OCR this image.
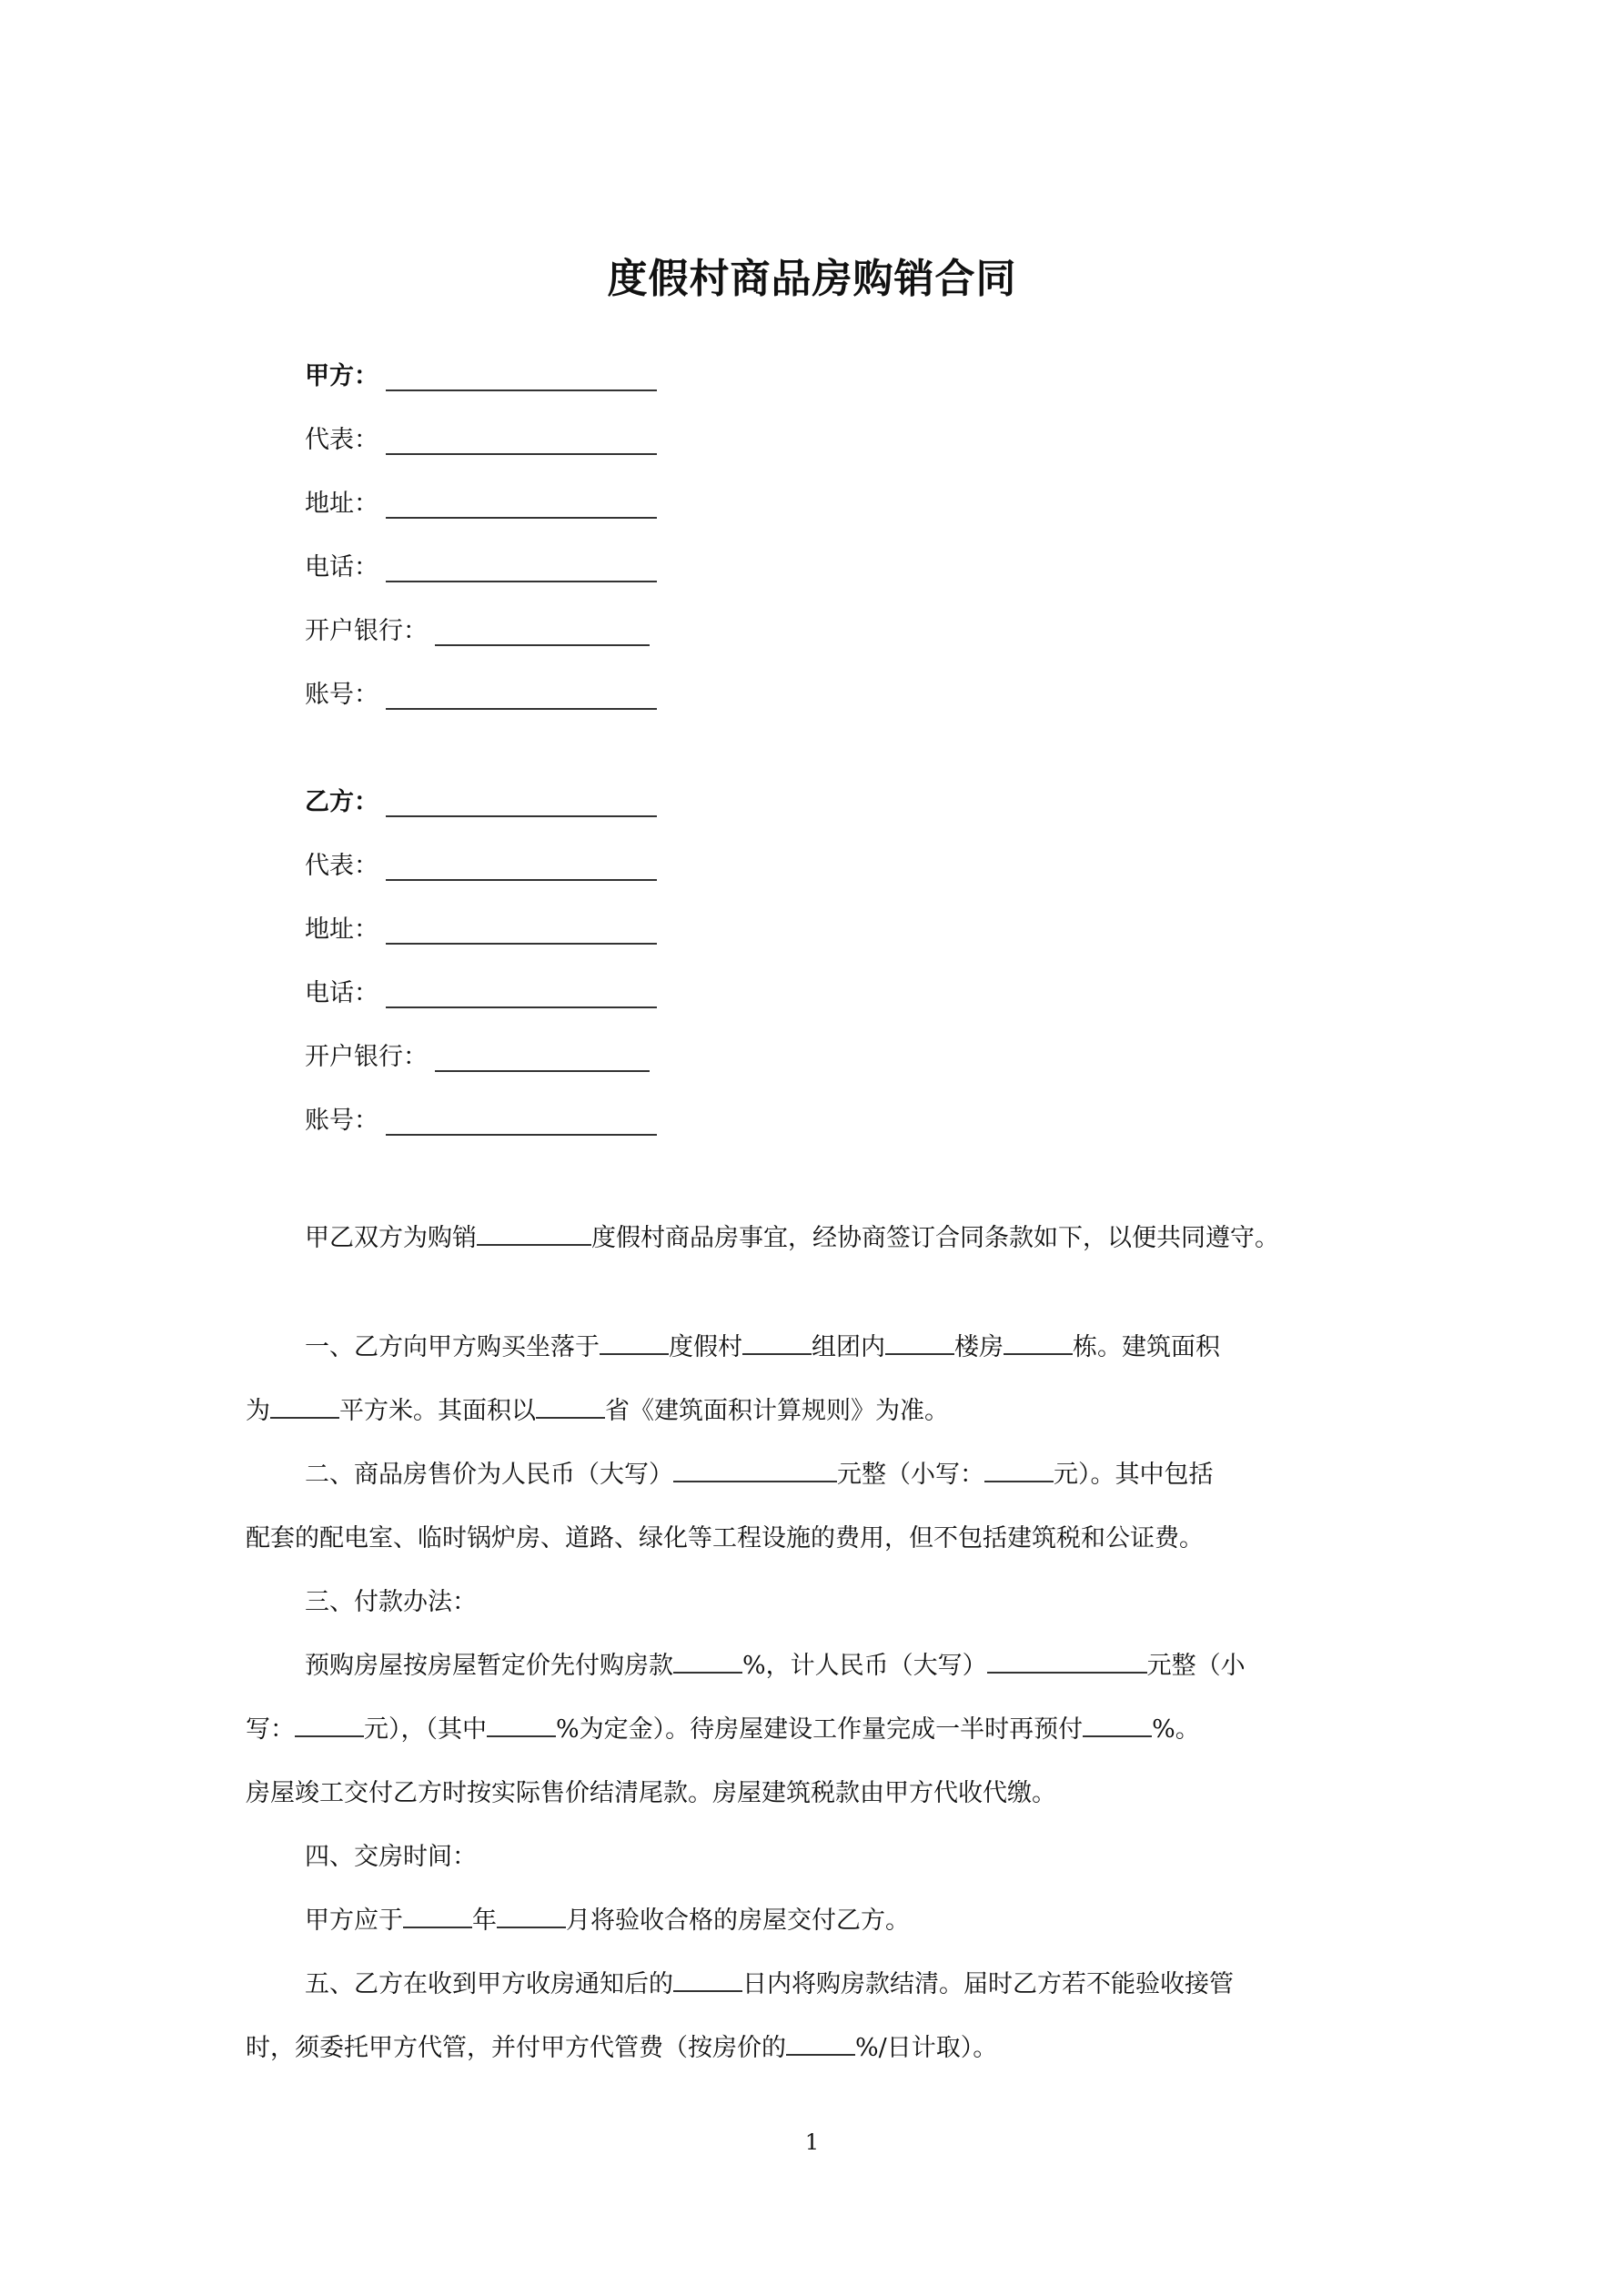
度假村商品房购销合同
甲方：
代表：
地址：
电话：
开户银行：
账号：
乙方：
代表：
地址：
电话：
开户银行：
账号：
甲乙双方为购销	度假村商品房事宜，经协商签订合同条款如下，以便共同遵守。
一、乙方向甲方购买坐落于	度假村	组团内	楼房	栋。建筑面积
为	平方米。其面积以	省《建筑面积计算规则》为准。
二、商品房售价为人民币（大写）	元整（小写：	元）。其中包括
配套的配电室、临时锅炉房、道路、绿化等工程设施的费用，但不包括建筑税和公证费。
三、付款办法：
预购房屋按房屋暂定价先付购房款	%，计人民币（大写）	元整（小
写：	元），（其中	%为定金）。待房屋建设工作量完成一半时再预付	%。
房屋竣工交付乙方时按实际售价结清尾款。房屋建筑税款由甲方代收代缴。
四、交房时间：
甲方应于	年	月将验收合格的房屋交付乙方。
五、乙方在收到甲方收房通知后的	日内将购房款结清。届时乙方若不能验收接管
时，须委托甲方代管，并付甲方代管费（按房价的	%/日计取）。
1
